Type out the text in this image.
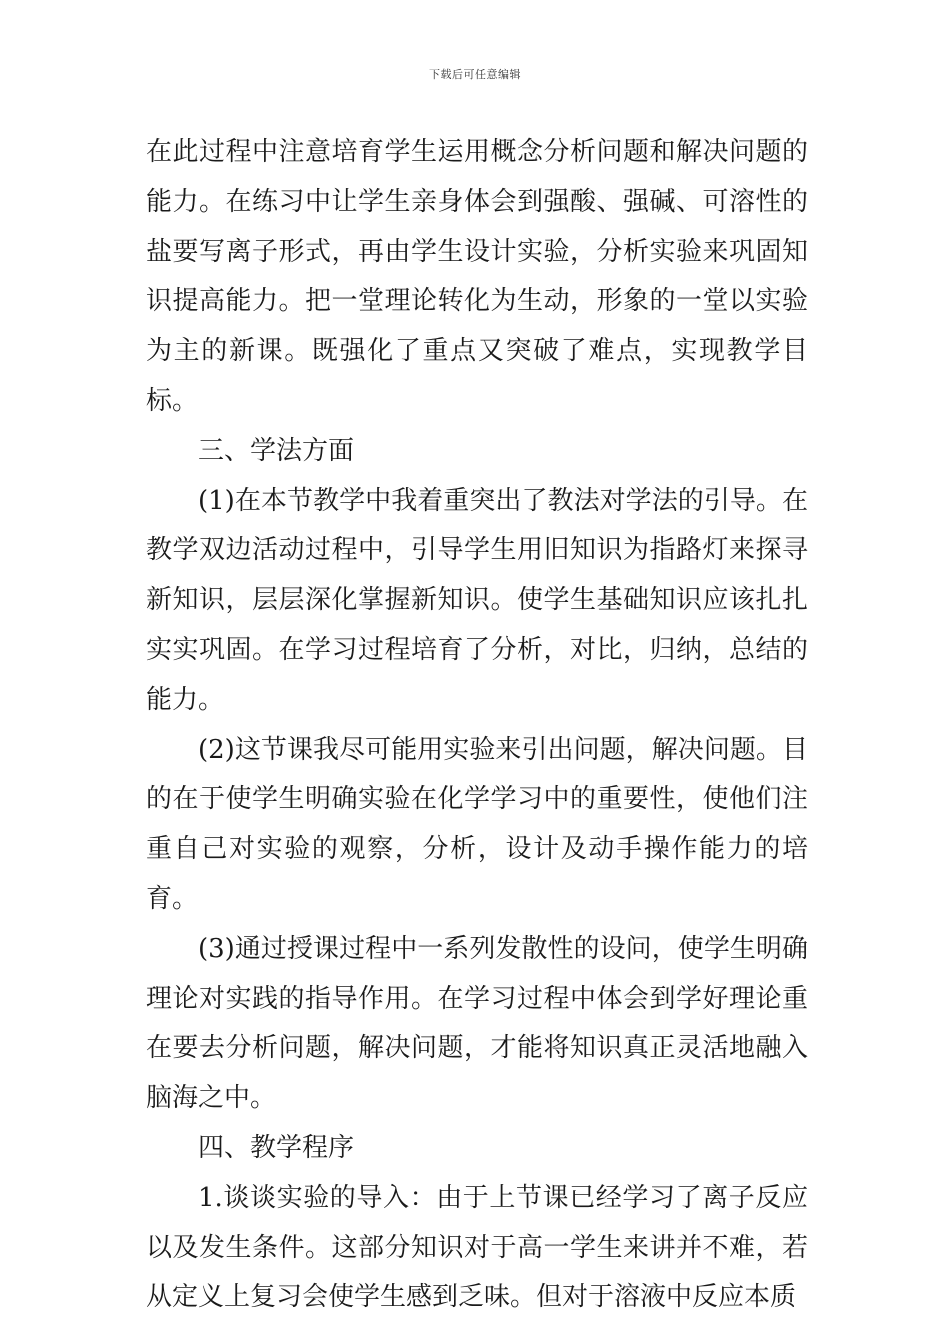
下载后可任意编辑

在此过程中注意培育学生运用概念分析问题和解决问题的能力。在练习中让学生亲身体会到强酸、强碱、可溶性的盐要写离子形式，再由学生设计实验，分析实验来巩固知识提高能力。把一堂理论转化为生动，形象的一堂以实验为主的新课。既强化了重点又突破了难点，实现教学目标。

三、学法方面

(1)在本节教学中我着重突出了教法对学法的引导。在教学双边活动过程中，引导学生用旧知识为指路灯来探寻新知识，层层深化掌握新知识。使学生基础知识应该扎扎实实巩固。在学习过程培育了分析，对比，归纳，总结的能力。

(2)这节课我尽可能用实验来引出问题，解决问题。目的在于使学生明确实验在化学学习中的重要性，使他们注重自己对实验的观察，分析，设计及动手操作能力的培育。

(3)通过授课过程中一系列发散性的设问，使学生明确理论对实践的指导作用。在学习过程中体会到学好理论重在要去分析问题，解决问题，才能将知识真正灵活地融入脑海之中。

四、教学程序

1.谈谈实验的导入：由于上节课已经学习了离子反应以及发生条件。这部分知识对于高一学生来讲并不难，若从定义上复习会使学生感到乏味。但对于溶液中反应本质
